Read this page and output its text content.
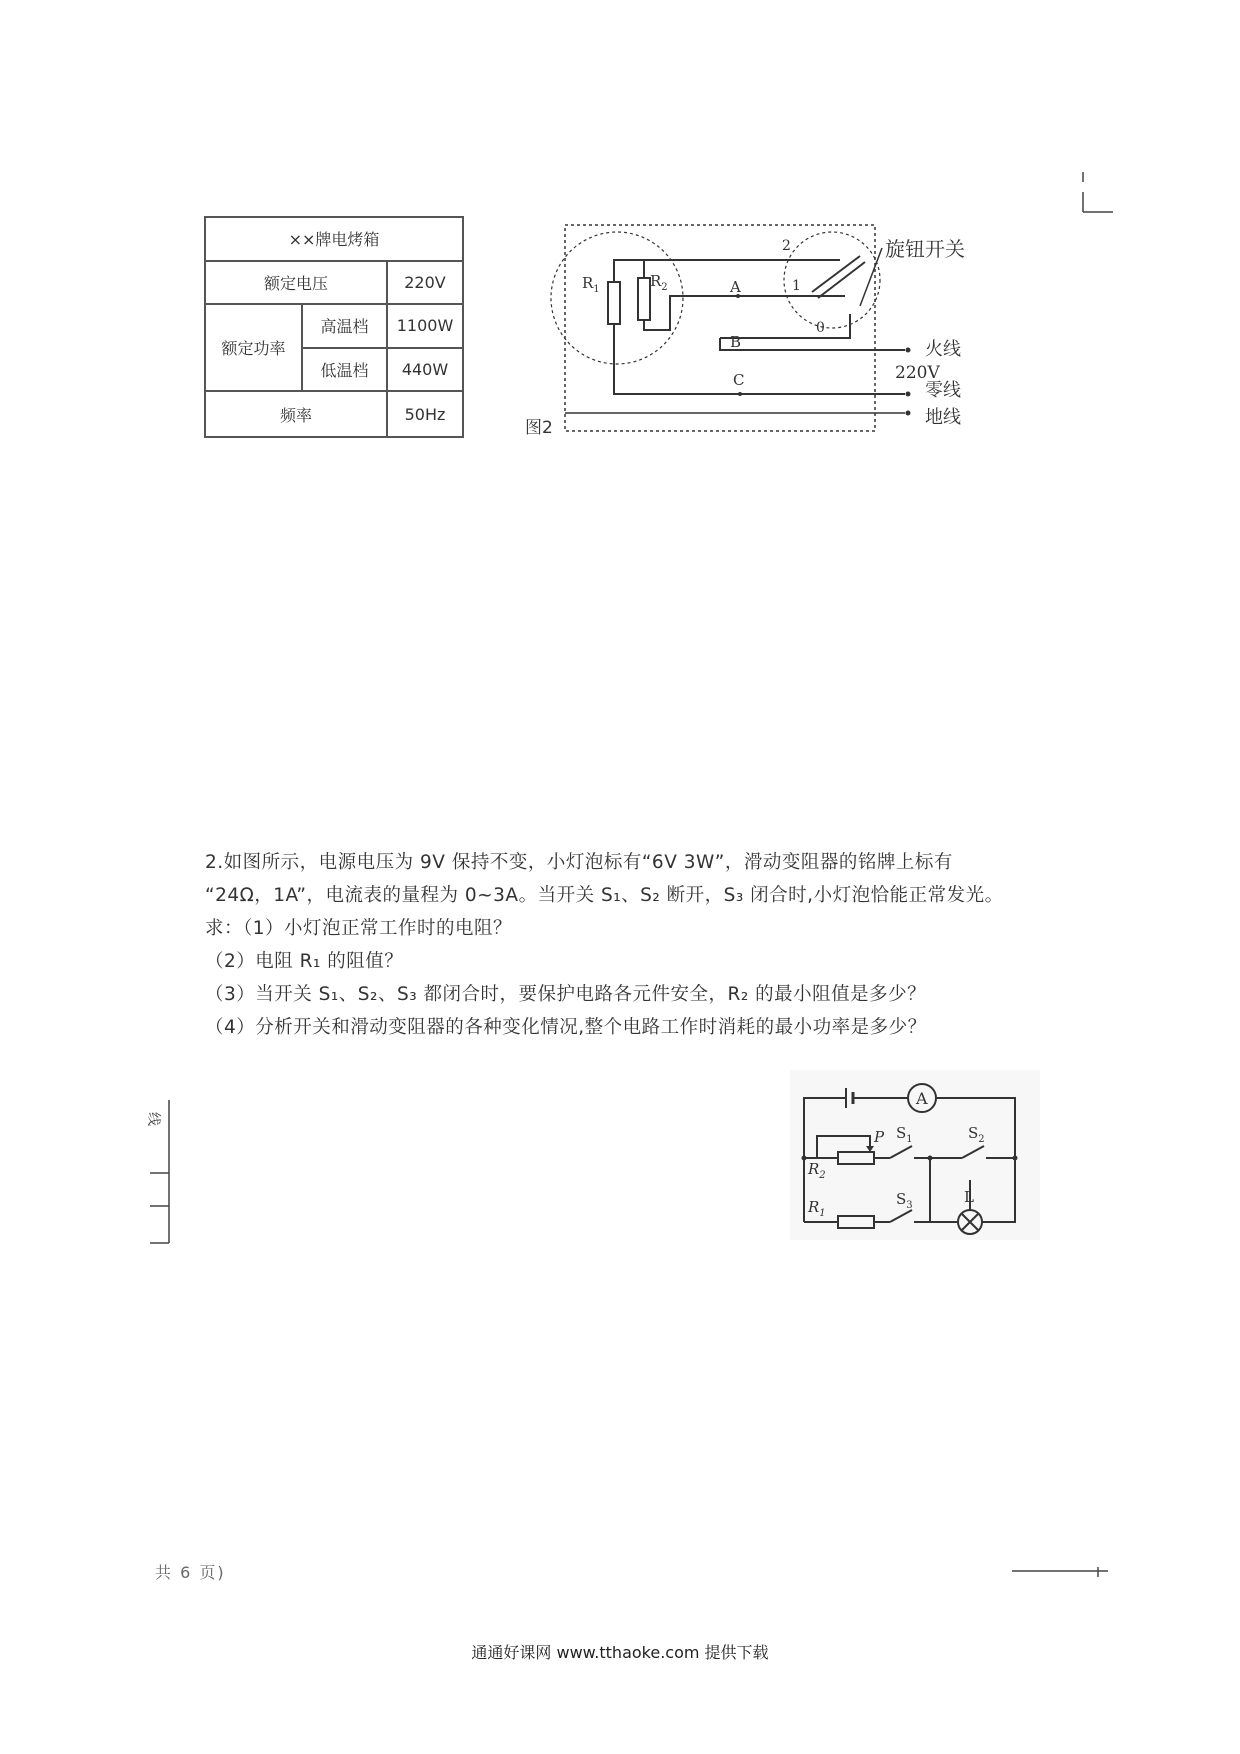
××牌电烤箱		
额定电压		220V
额定功率	高温档	1100W
	低温档	440W
频率		50Hz
$R_1$	$R_2$	A
B
C
2
1
0
旋钮开关
火线
220V
零线
地线
图2

2.如图所示，电源电压为 9V 保持不变，小灯泡标有“6V 3W”，滑动变阻器的铭牌上标有

“24Ω，1A”，电流表的量程为 0~3A。当开关 S₁、S₂ 断开，S₃ 闭合时,小灯泡恰能正常发光。

求：（1）小灯泡正常工作时的电阻？

（2）电阻 R₁ 的阻值？

（3）当开关 S₁、S₂、S₃ 都闭合时，要保护电路各元件安全，R₂ 的最小阻值是多少？

（4）分析开关和滑动变阻器的各种变化情况,整个电路工作时消耗的最小功率是多少？

线
A
P $S_1$	$S_2$
$S_3$
$R_2$
$R_1$
L
共 6 页)
通通好课网 www.tthaoke.com 提供下载
